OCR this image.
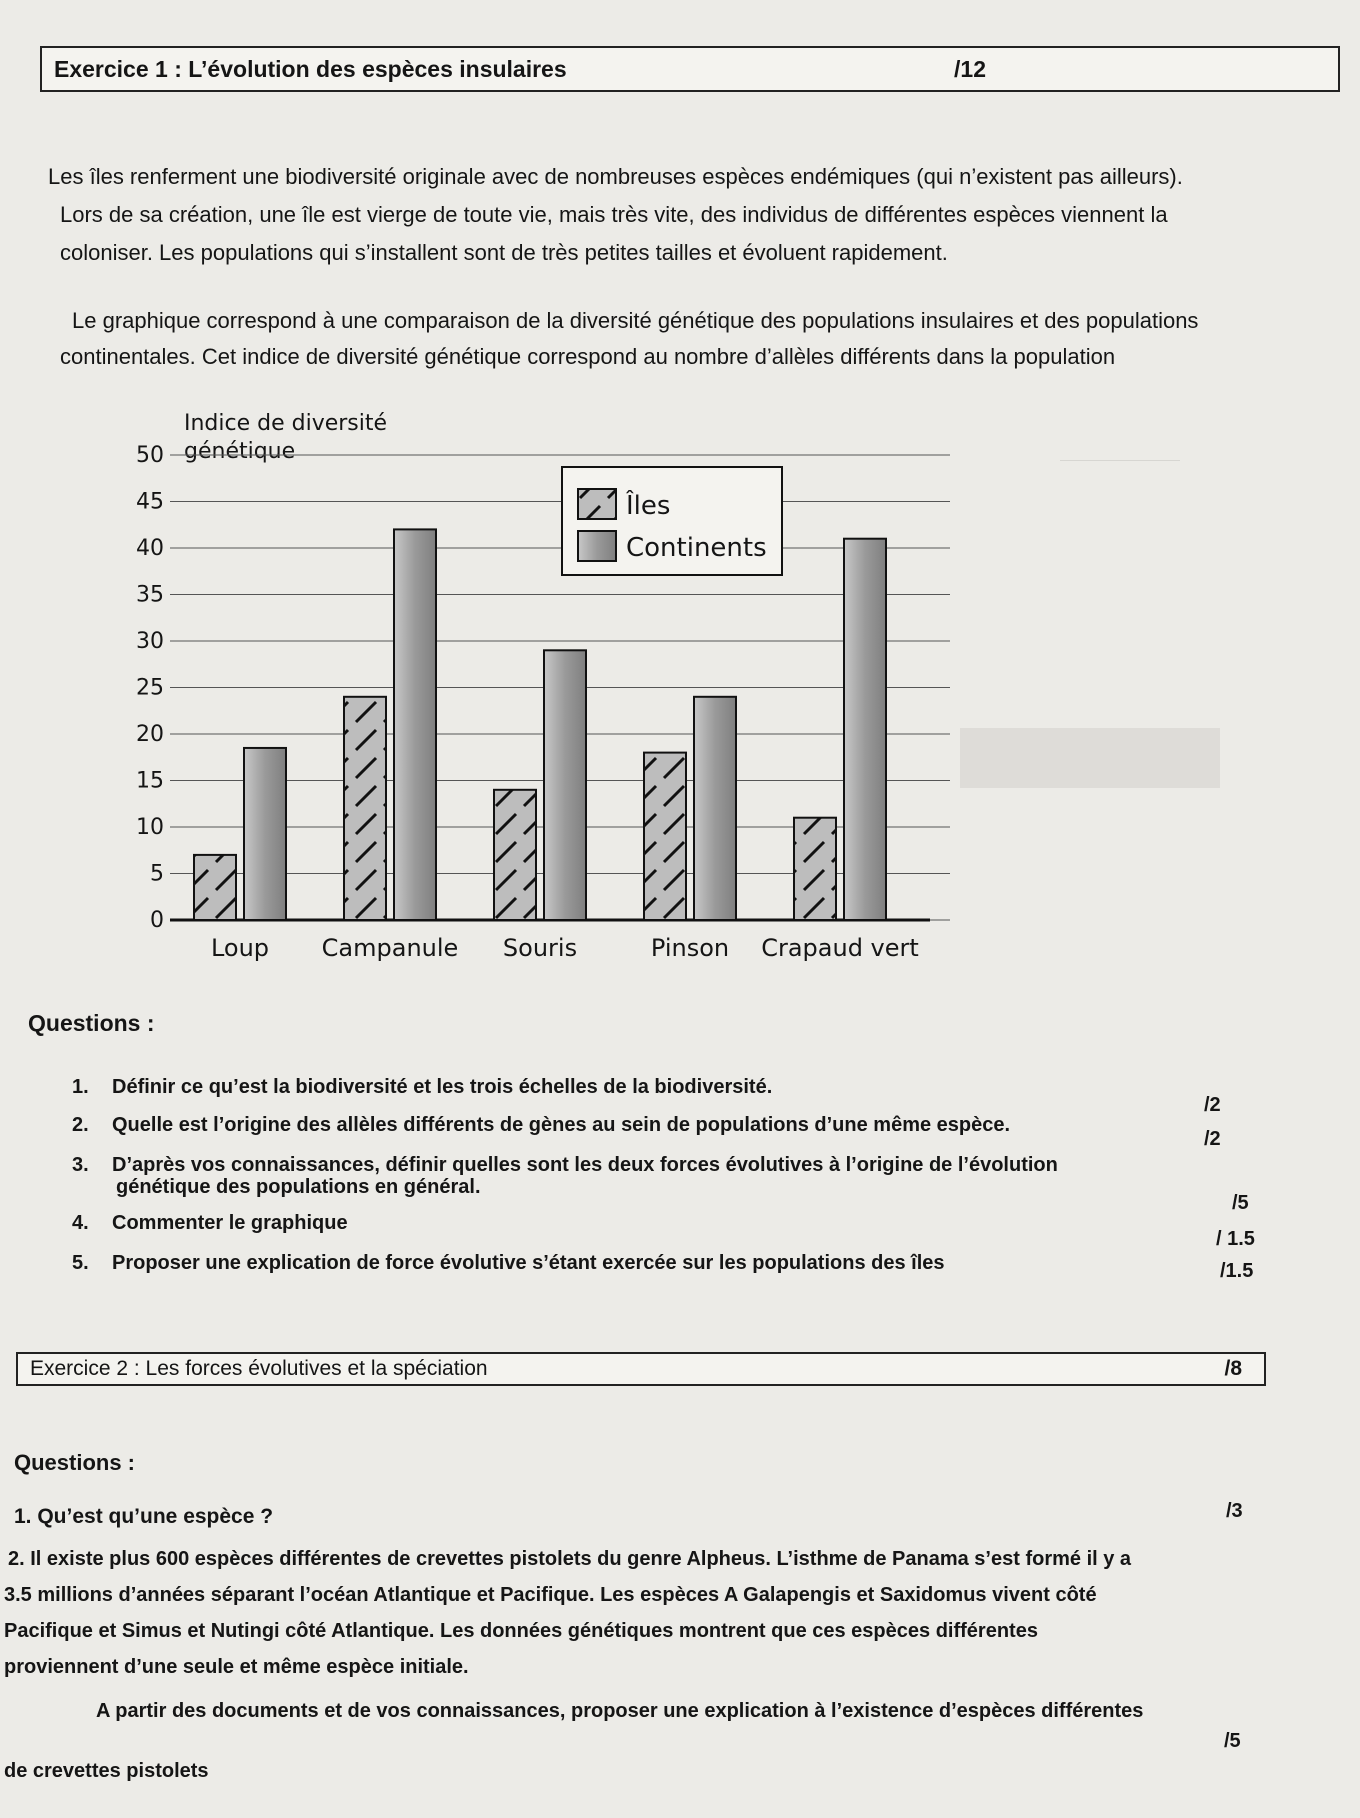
Exercice 1 : L’évolution des espèces insulaires	/12

Les îles renferment une biodiversité originale avec de nombreuses espèces endémiques (qui n’existent pas ailleurs).

Lors de sa création, une île est vierge de toute vie, mais très vite, des individus de différentes espèces viennent la

coloniser. Les populations qui s’installent sont de très petites tailles et évoluent rapidement.

Le graphique correspond à une comparaison de la diversité génétique des populations insulaires et des populations

continentales. Cet indice de diversité génétique correspond au nombre d’allèles différents dans la population

Indice de diversité
génétique
0
5
10
15
20
25
30
35
40
45
50
Loup Campanule Souris	Pinson Crapaud vert
Îles
Continents
Questions :
1. Définir ce qu’est la biodiversité et les trois échelles de la biodiversité.
/2
2. Quelle est l’origine des allèles différents de gènes au sein de populations d’une même espèce.
/2
3. D’après vos connaissances, définir quelles sont les deux forces évolutives à l’origine de l’évolution
génétique des populations en général.
/5
4. Commenter le graphique
/ 1.5
5. Proposer une explication de force évolutive s’étant exercée sur les populations des îles	/1.5
Exercice 2 : Les forces évolutives et la spéciation	/8
Questions :
1. Qu’est qu’une espèce ?	/3
2. Il existe plus 600 espèces différentes de crevettes pistolets du genre Alpheus. L’isthme de Panama s’est formé il y a
3.5 millions d’années séparant l’océan Atlantique et Pacifique. Les espèces A Galapengis et Saxidomus vivent côté
Pacifique et Simus et Nutingi côté Atlantique. Les données génétiques montrent que ces espèces différentes
proviennent d’une seule et même espèce initiale.
A partir des documents et de vos connaissances, proposer une explication à l’existence d’espèces différentes
/5
de crevettes pistolets
